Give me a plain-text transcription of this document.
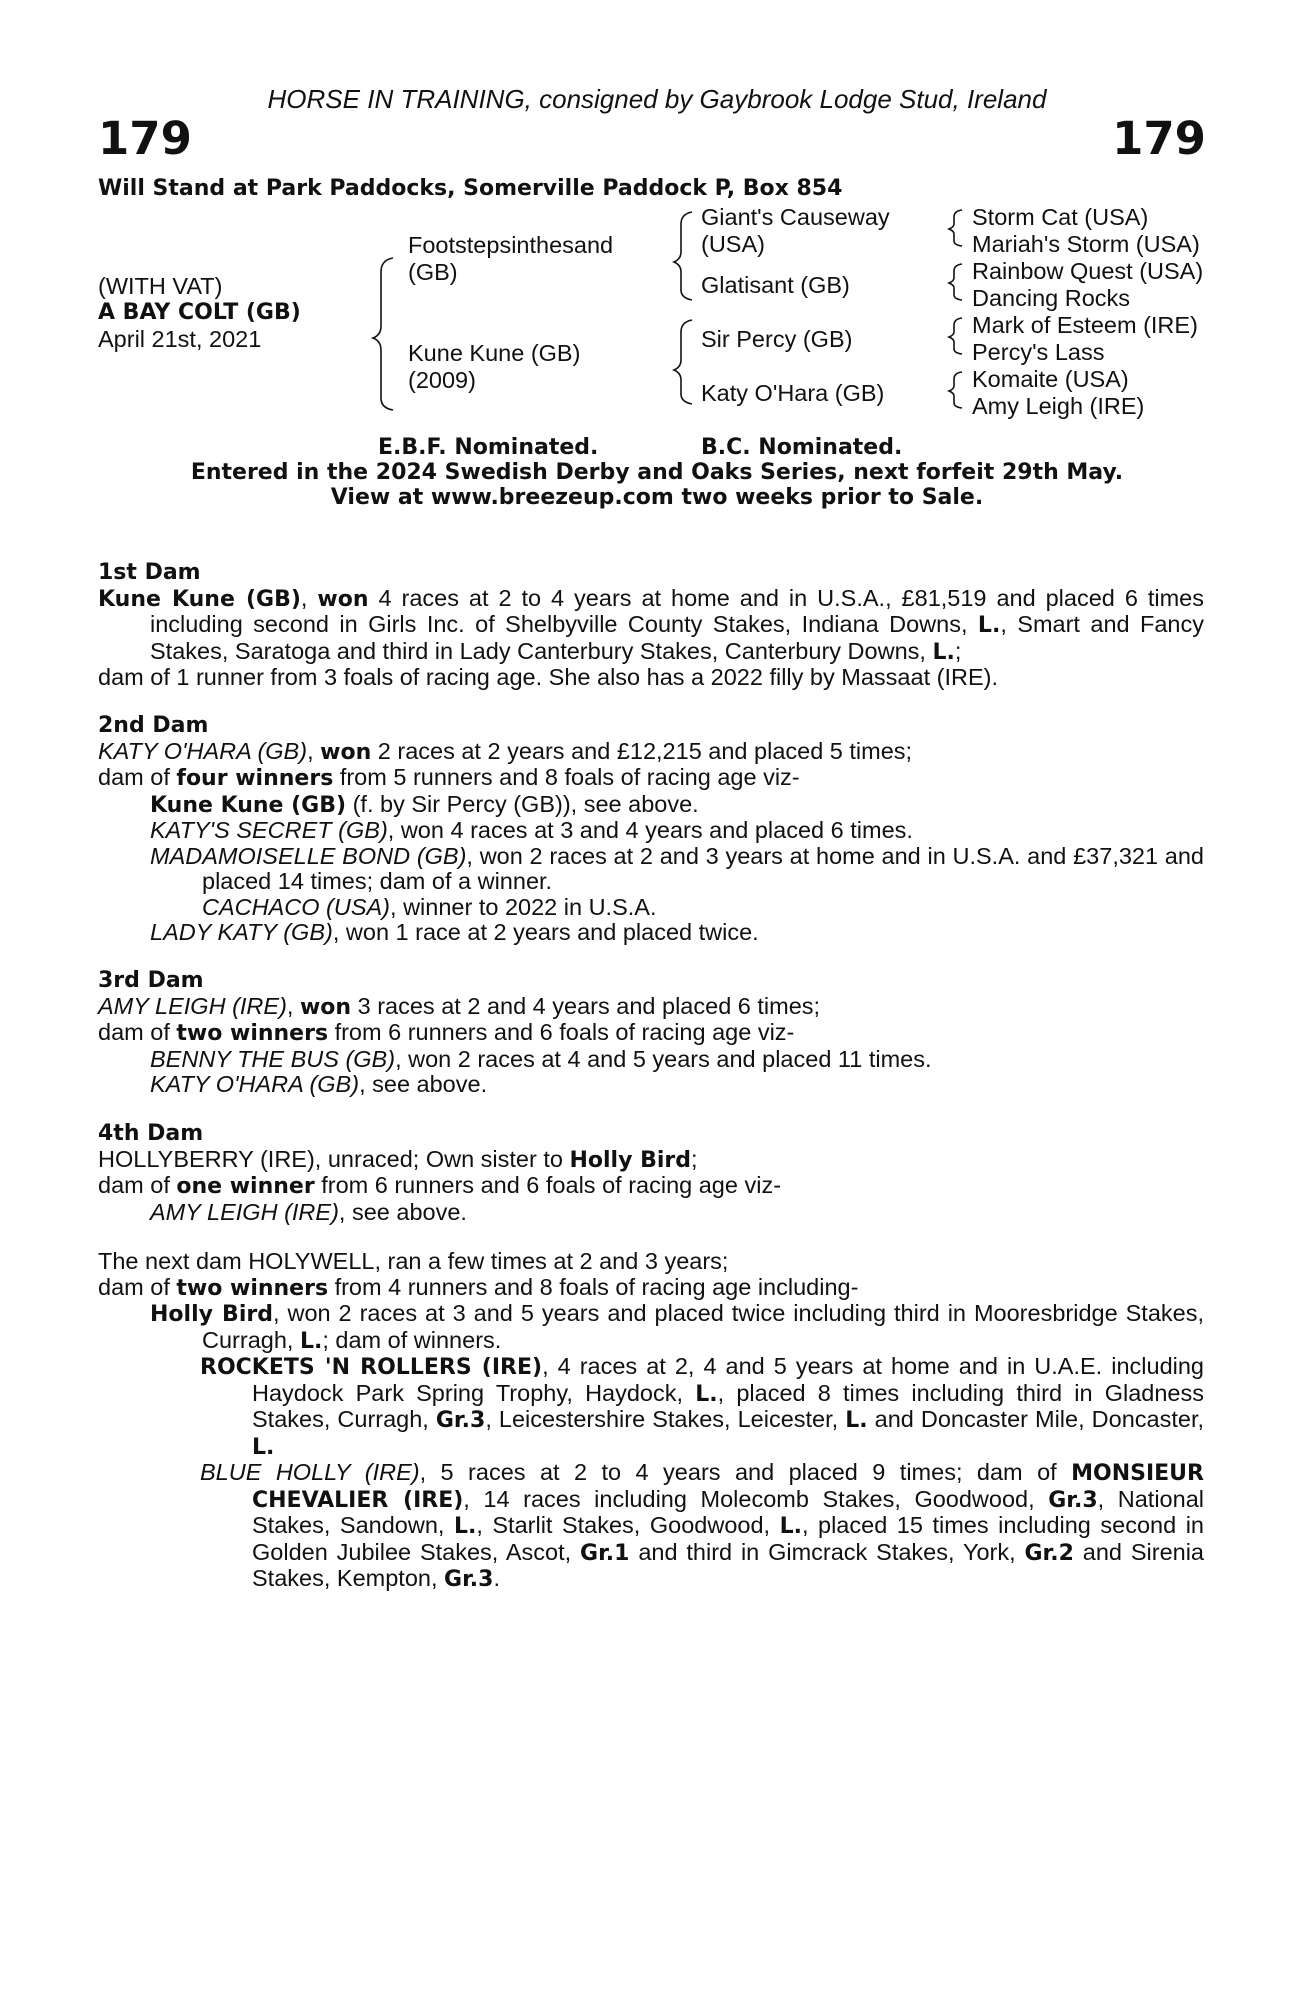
HORSE IN TRAINING, consigned by Gaybrook Lodge Stud, Ireland
179	179
Will Stand at Park Paddocks, Somerville Paddock P, Box 854
(WITH VAT)
A BAY COLT (GB)
April 21st, 2021
Footstepsinthesand
(GB)
Kune Kune (GB)
(2009)
Giant's Causeway
(USA)
Glatisant (GB)
Sir Percy (GB)
Katy O'Hara (GB)
Storm Cat (USA)
Mariah's Storm (USA)
Rainbow Quest (USA)
Dancing Rocks
Mark of Esteem (IRE)
Percy's Lass
Komaite (USA)
Amy Leigh (IRE)
E.B.F. Nominated.	B.C. Nominated.
Entered in the 2024 Swedish Derby and Oaks Series, next forfeit 29th May.
View at www.breezeup.com two weeks prior to Sale.
1st Dam
Kune Kune (GB), won 4 races at 2 to 4 years at home and in U.S.A., £81,519 and placed 6 times including second in Girls Inc. of Shelbyville County Stakes, Indiana Downs, L., Smart and Fancy Stakes, Saratoga and third in Lady Canterbury Stakes, Canterbury Downs, L.;
dam of 1 runner from 3 foals of racing age. She also has a 2022 filly by Massaat (IRE).
2nd Dam
KATY O'HARA (GB), won 2 races at 2 years and £12,215 and placed 5 times;
dam of four winners from 5 runners and 8 foals of racing age viz-
Kune Kune (GB) (f. by Sir Percy (GB)), see above.
KATY'S SECRET (GB), won 4 races at 3 and 4 years and placed 6 times.
MADAMOISELLE BOND (GB), won 2 races at 2 and 3 years at home and in U.S.A. and £37,321 and placed 14 times; dam of a winner.
CACHACO (USA), winner to 2022 in U.S.A.
LADY KATY (GB), won 1 race at 2 years and placed twice.
3rd Dam
AMY LEIGH (IRE), won 3 races at 2 and 4 years and placed 6 times;
dam of two winners from 6 runners and 6 foals of racing age viz-
BENNY THE BUS (GB), won 2 races at 4 and 5 years and placed 11 times.
KATY O'HARA (GB), see above.
4th Dam
HOLLYBERRY (IRE), unraced; Own sister to Holly Bird;
dam of one winner from 6 runners and 6 foals of racing age viz-
AMY LEIGH (IRE), see above.
The next dam HOLYWELL, ran a few times at 2 and 3 years;
dam of two winners from 4 runners and 8 foals of racing age including-
Holly Bird, won 2 races at 3 and 5 years and placed twice including third in Mooresbridge Stakes, Curragh, L.; dam of winners.
ROCKETS 'N ROLLERS (IRE), 4 races at 2, 4 and 5 years at home and in U.A.E. including Haydock Park Spring Trophy, Haydock, L., placed 8 times including third in Gladness Stakes, Curragh, Gr.3, Leicestershire Stakes, Leicester, L. and Doncaster Mile, Doncaster, L.
BLUE HOLLY (IRE), 5 races at 2 to 4 years and placed 9 times; dam of MONSIEUR CHEVALIER (IRE), 14 races including Molecomb Stakes, Goodwood, Gr.3, National Stakes, Sandown, L., Starlit Stakes, Goodwood, L., placed 15 times including second in Golden Jubilee Stakes, Ascot, Gr.1 and third in Gimcrack Stakes, York, Gr.2 and Sirenia Stakes, Kempton, Gr.3.
